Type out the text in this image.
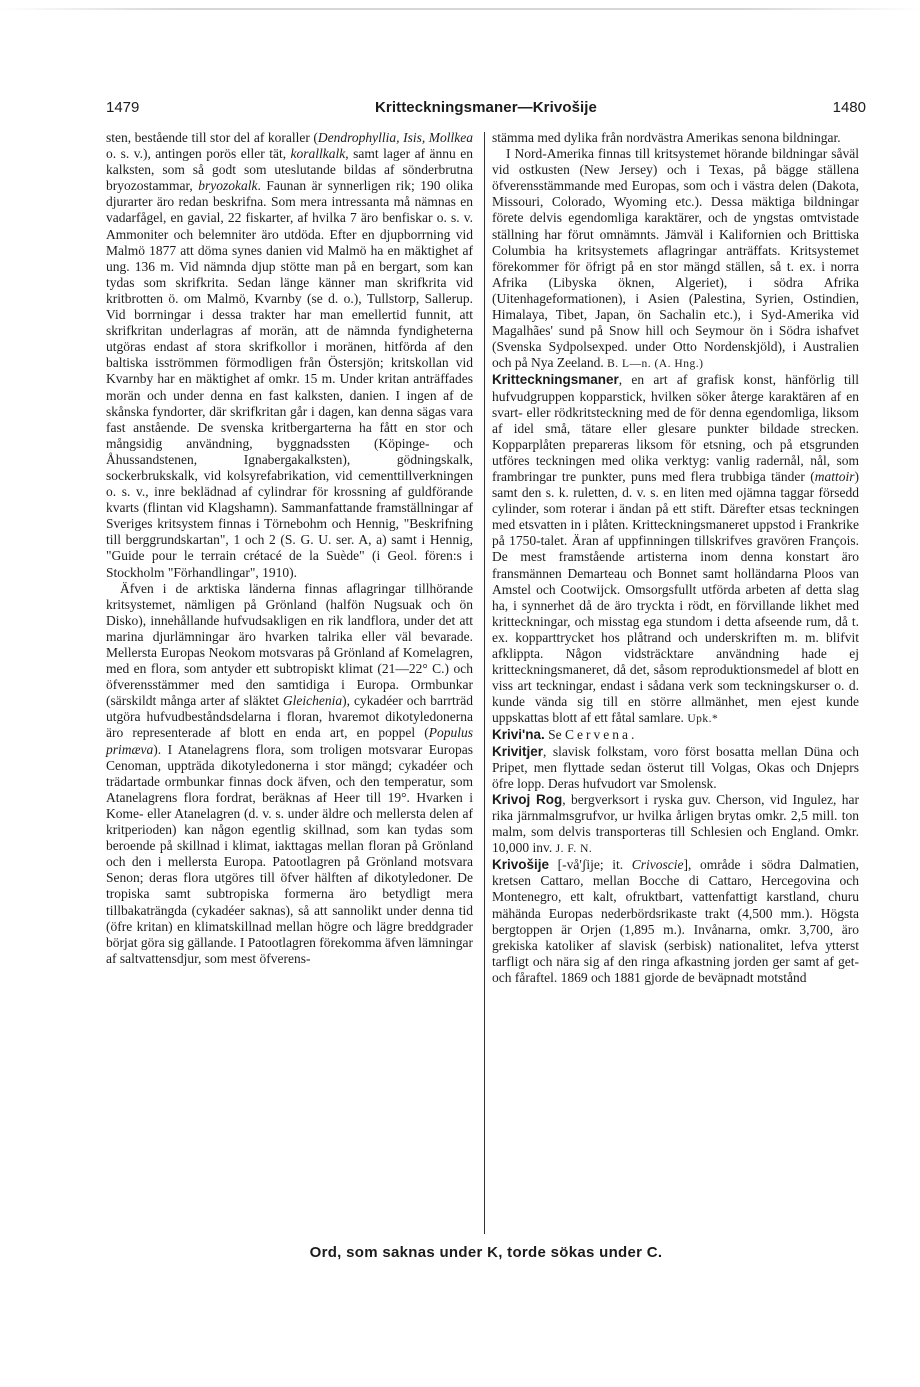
1479	Kritteckningsmaner—Krivošije	1480

sten, bestående till stor del af koraller (Dendrophyllia, Isis, Mollkea o. s. v.), antingen porös eller tät, korallkalk, samt lager af ännu en kalksten, som så godt som uteslutande bildas af sönderbrutna bryozostammar, bryozokalk. Faunan är synnerligen rik; 190 olika djurarter äro redan beskrifna. Som mera intressanta må nämnas en vadarfågel, en gavial, 22 fiskarter, af hvilka 7 äro benfiskar o. s. v. Ammoniter och belemniter äro utdöda. Efter en djupborrning vid Malmö 1877 att döma synes danien vid Malmö ha en mäktighet af ung. 136 m. Vid nämnda djup stötte man på en bergart, som kan tydas som skrifkrita. Sedan länge känner man skrifkrita vid kritbrotten ö. om Malmö, Kvarnby (se d. o.), Tullstorp, Sallerup. Vid borrningar i dessa trakter har man emellertid funnit, att skrifkritan underlagras af morän, att de nämnda fyndigheterna utgöras endast af stora skrifkollor i moränen, hitförda af den baltiska isströmmen förmodligen från Östersjön; kritskollan vid Kvarnby har en mäktighet af omkr. 15 m. Under kritan anträffades morän och under denna en fast kalksten, danien. I ingen af de skånska fyndorter, där skrifkritan går i dagen, kan denna sägas vara fast anstående. De svenska kritbergarterna ha fått en stor och mångsidig användning, byggnadssten (Köpinge- och Åhussandstenen, Ignabergakalksten), gödningskalk, sockerbrukskalk, vid kolsyrefabrikation, vid cementtillverkningen o. s. v., inre beklädnad af cylindrar för krossning af guldförande kvarts (flintan vid Klagshamn). Sammanfattande framställningar af Sveriges kritsystem finnas i Törnebohm och Hennig, "Beskrifning till berggrundskartan", 1 och 2 (S. G. U. ser. A, a) samt i Hennig, "Guide pour le terrain crétacé de la Suède" (i Geol. fören:s i Stockholm "Förhandlingar", 1910).

Äfven i de arktiska länderna finnas aflagringar tillhörande kritsystemet, nämligen på Grönland (halfön Nugsuak och ön Disko), innehållande hufvudsakligen en rik landflora, under det att marina djurlämningar äro hvarken talrika eller väl bevarade. Mellersta Europas Neokom motsvaras på Grönland af Komelagren, med en flora, som antyder ett subtropiskt klimat (21—22° C.) och öfverensstämmer med den samtidiga i Europa. Ormbunkar (särskildt många arter af släktet Gleichenia), cykadéer och barrträd utgöra hufvudbeståndsdelarna i floran, hvaremot dikotyledonerna äro representerade af blott en enda art, en poppel (Populus primæva). I Atanelagrens flora, som troligen motsvarar Europas Cenoman, uppträda dikotyledonerna i stor mängd; cykadéer och trädartade ormbunkar finnas dock äfven, och den temperatur, som Atanelagrens flora fordrat, beräknas af Heer till 19°. Hvarken i Kome- eller Atanelagren (d. v. s. under äldre och mellersta delen af kritperioden) kan någon egentlig skillnad, som kan tydas som beroende på skillnad i klimat, iakttagas mellan floran på Grönland och den i mellersta Europa. Patootlagren på Grönland motsvara Senon; deras flora utgöres till öfver hälften af dikotyledoner. De tropiska samt subtropiska formerna äro betydligt mera tillbakaträngda (cykadéer saknas), så att sannolikt under denna tid (öfre kritan) en klimatskillnad mellan högre och lägre breddgrader börjat göra sig gällande. I Patootlagren förekomma äfven lämningar af saltvattensdjur, som mest öfverens-

stämma med dylika från nordvästra Amerikas senona bildningar.

I Nord-Amerika finnas till kritsystemet hörande bildningar såväl vid ostkusten (New Jersey) och i Texas, på bägge ställena öfverensstämmande med Europas, som och i västra delen (Dakota, Missouri, Colorado, Wyoming etc.). Dessa mäktiga bildningar förete delvis egendomliga karaktärer, och de yngstas omtvistade ställning har förut omnämnts. Jämväl i Kalifornien och Brittiska Columbia ha kritsystemets aflagringar anträffats. Kritsystemet förekommer för öfrigt på en stor mängd ställen, så t. ex. i norra Afrika (Libyska öknen, Algeriet), i södra Afrika (Uitenhageformationen), i Asien (Palestina, Syrien, Ostindien, Himalaya, Tibet, Japan, ön Sachalin etc.), i Syd-Amerika vid Magalhães' sund på Snow hill och Seymour ön i Södra ishafvet (Svenska Sydpolsexped. under Otto Nordenskjöld), i Australien och på Nya Zeeland. B. L—n. (A. Hng.)

Kritteckningsmaner, en art af grafisk konst, hänförlig till hufvudgruppen kopparstick, hvilken söker återge karaktären af en svart- eller rödkritsteckning med de för denna egendomliga, liksom af idel små, tätare eller glesare punkter bildade strecken. Kopparplåten prepareras liksom för etsning, och på etsgrunden utföres teckningen med olika verktyg: vanlig radernål, nål, som frambringar tre punkter, puns med flera trubbiga tänder (mattoir) samt den s. k. ruletten, d. v. s. en liten med ojämna taggar försedd cylinder, som roterar i ändan på ett stift. Därefter etsas teckningen med etsvatten in i plåten. Kritteckningsmaneret uppstod i Frankrike på 1750-talet. Äran af uppfinningen tillskrifves gravören François. De mest framstående artisterna inom denna konstart äro fransmännen Demarteau och Bonnet samt holländarna Ploos van Amstel och Cootwijck. Omsorgsfullt utförda arbeten af detta slag ha, i synnerhet då de äro tryckta i rödt, en förvillande likhet med kritteckningar, och misstag ega stundom i detta afseende rum, då t. ex. kopparttrycket hos plåtrand och underskriften m. m. blifvit afklippta. Någon vidsträcktare användning hade ej kritteckningsmaneret, då det, såsom reproduktionsmedel af blott en viss art teckningar, endast i sådana verk som teckningskurser o. d. kunde vända sig till en större allmänhet, men ejest kunde uppskattas blott af ett fåtal samlare. Upk.*

Krivi'na. Se Cervena.

Krivitjer, slavisk folkstam, voro först bosatta mellan Düna och Pripet, men flyttade sedan österut till Volgas, Okas och Dnjeprs öfre lopp. Deras hufvudort var Smolensk.

Krivoj Rog, bergverksort i ryska guv. Cherson, vid Ingulez, har rika järnmalmsgrufvor, ur hvilka årligen brytas omkr. 2,5 mill. ton malm, som delvis transporteras till Schlesien och England. Omkr. 10,000 inv. J. F. N.

Krivošije [-vå'ʃije; it. Crivoscie], område i södra Dalmatien, kretsen Cattaro, mellan Bocche di Cattaro, Hercegovina och Montenegro, ett kalt, ofruktbart, vattenfattigt karstland, churu mähända Europas nederbördsrikaste trakt (4,500 mm.). Högsta bergtoppen är Orjen (1,895 m.). Invånarna, omkr. 3,700, äro grekiska katoliker af slavisk (serbisk) nationalitet, lefva ytterst tarfligt och nära sig af den ringa afkastning jorden ger samt af get- och fåraftel. 1869 och 1881 gjorde de beväpnadt motstånd

Ord, som saknas under K, torde sökas under C.
